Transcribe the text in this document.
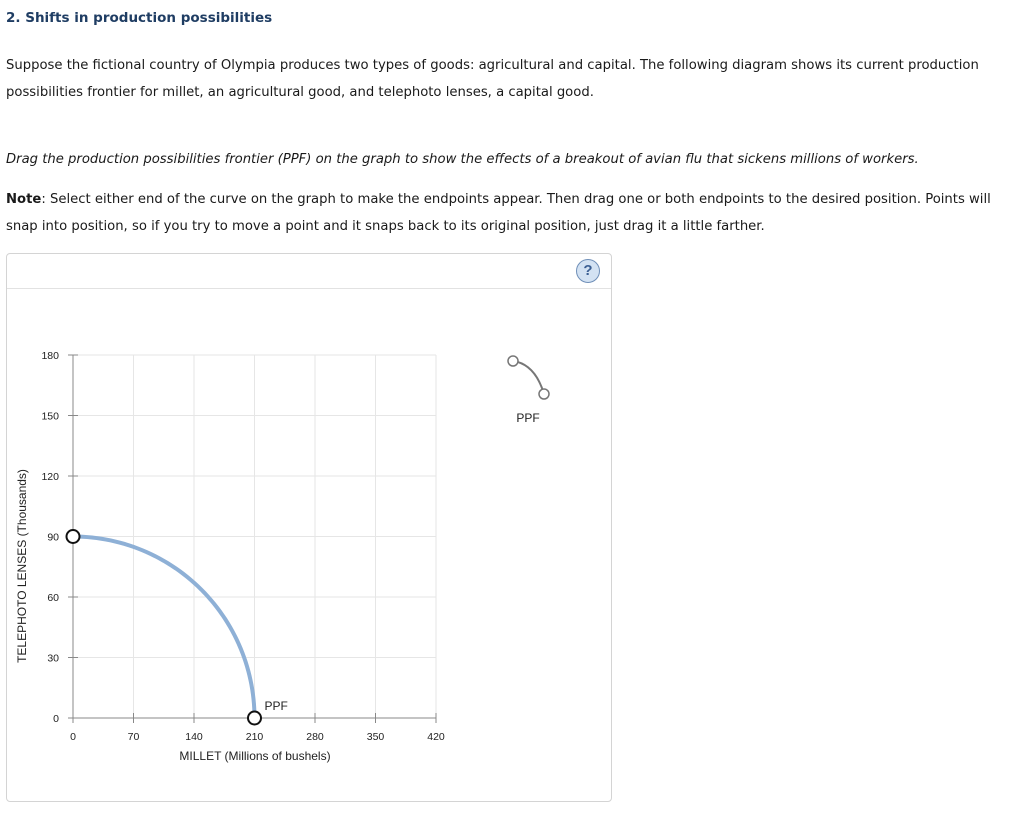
2. Shifts in production possibilities

Suppose the fictional country of Olympia produces two types of goods: agricultural and capital. The following diagram shows its current production
possibilities frontier for millet, an agricultural good, and telephoto lenses, a capital good.

Drag the production possibilities frontier (PPF) on the graph to show the effects of a breakout of avian flu that sickens millions of workers.

Note: Select either end of the curve on the graph to make the endpoints appear. Then drag one or both endpoints to the desired position. Points will
snap into position, so if you try to move a point and it snaps back to its original position, just drag it a little farther.

?
0	70	140	210	280	350	420
0
30
60
90
120
150
180
MILLET (Millions of bushels)
TELEPHOTO LENSES (Thousands)
PPF
PPF
